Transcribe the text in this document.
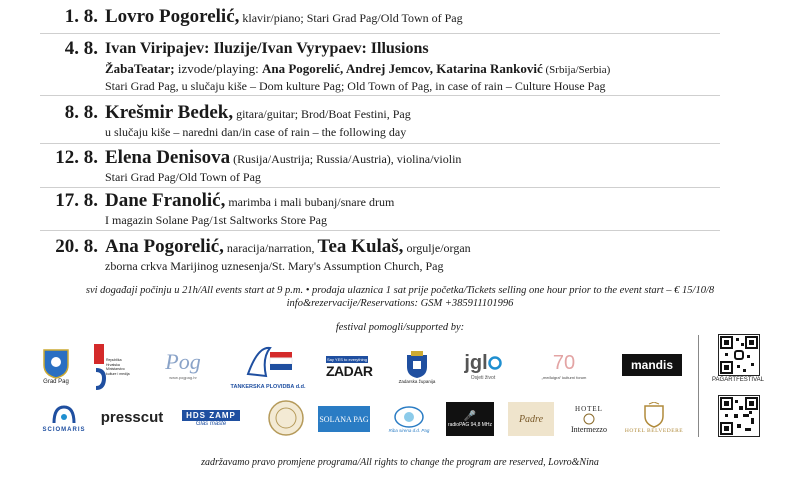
1. 8. Lovro Pogorelić, klavir/piano; Stari Grad Pag/Old Town of Pag
4. 8. Ivan Viripajev: Iluzije/Ivan Vyrypaev: Illusions
ŽabaTeatar; izvode/playing: Ana Pogorelić, Andrej Jemcov, Katarina Ranković (Srbija/Serbia)
Stari Grad Pag, u slučaju kiše – Dom kulture Pag; Old Town of Pag, in case of rain – Culture House Pag
8. 8. Krešmir Bedek, gitara/guitar; Brod/Boat Festini, Pag
u slučaju kiše – naredni dan/in case of rain – the following day
12. 8. Elena Denisova (Rusija/Austrija; Russia/Austria), violina/violin
Stari Grad Pag/Old Town of Pag
17. 8. Dane Franolić, marimba i mali bubanj/snare drum
I magazin Solane Pag/1st Saltworks Store Pag
20. 8. Ana Pogorelić, naracija/narration, Tea Kulaš, orgulje/organ
zborna crkva Marijinog uznesenja/St. Mary's Assumption Church, Pag
svi događaji počinju u 21h/All events start at 9 p.m. • prodaja ulaznica 1 sat prije početka/Tickets selling one hour prior to the event start – € 15/10/8
info&rezervacije/Reservations: GSM +385911101996
festival pomogli/supported by:
Grad Pag
Republika Hrvatska Ministarstvo kulture i medija Pog
www.pogpag.hr
TANKERSKA PLOVIDBA d.d.
Say YES to everything
ZADAR
Zadarska županija
jgl
Osjeti život
70
„međuigra” kulturni forum
mandis
SCIOMARIS
presscut	HDS ZAMP
Glas mašte	SOLANA PAG
Riba sirena d.d. Pag
🎤
radioPAG 94,8 MHz	Padre
HOTEL
Intermezzo	HOTEL BELVEDERE
PAGARTFESTIVAL
zadržavamo pravo promjene programa/All rights to change the program are reserved, Lovro&Nina
